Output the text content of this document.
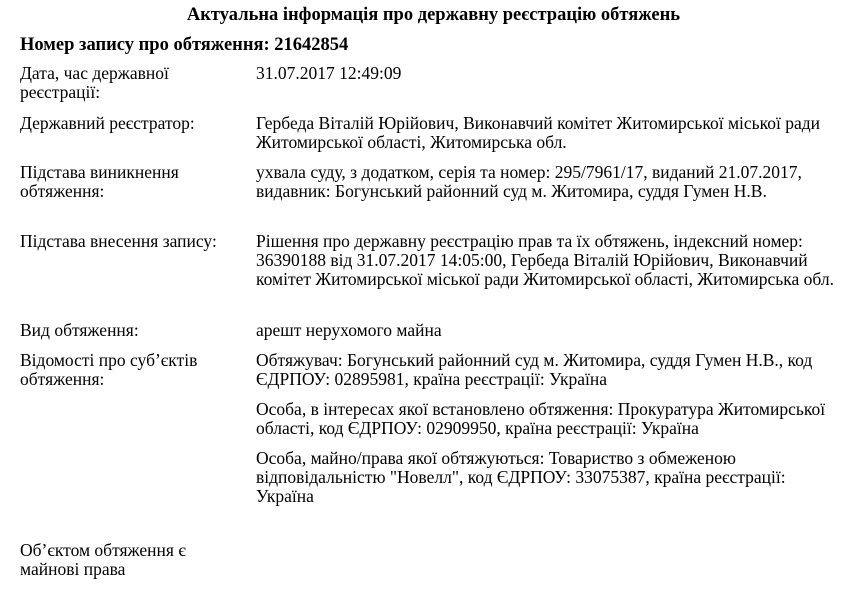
Актуальна інформація про державну реєстрацію обтяжень
Номер запису про обтяження: 21642854
Дата, час державної реєстрації:
31.07.2017 12:49:09
Державний реєстратор:	Гербеда Віталій Юрійович, Виконавчий комітет Житомирської міської ради Житомирської області, Житомирська обл.
Підстава виникнення обтяження:
ухвала суду, з додатком, серія та номер: 295/7961/17, виданий 21.07.2017, видавник: Богунський районний суд м. Житомира, суддя Гумен Н.В.
Підстава внесення запису:	Рішення про державну реєстрацію прав та їх обтяжень, індексний номер: 36390188 від 31.07.2017 14:05:00, Гербеда Віталій Юрійович, Виконавчий комітет Житомирської міської ради Житомирської області, Житомирська обл.
Вид обтяження:	арешт нерухомого майна
Відомості про суб’єктів обтяження:

Обтяжувач: Богунський районний суд м. Житомира, суддя Гумен Н.В., код ЄДРПОУ: 02895981, країна реєстрації: Україна

Особа, в інтересах якої встановлено обтяження: Прокуратура Житомирської області, код ЄДРПОУ: 02909950, країна реєстрації: Україна

Особа, майно/права якої обтяжуються: Товариство з обмеженою відповідальністю "Новелл", код ЄДРПОУ: 33075387, країна реєстрації: Україна

Об’єктом обтяження є майнові права
